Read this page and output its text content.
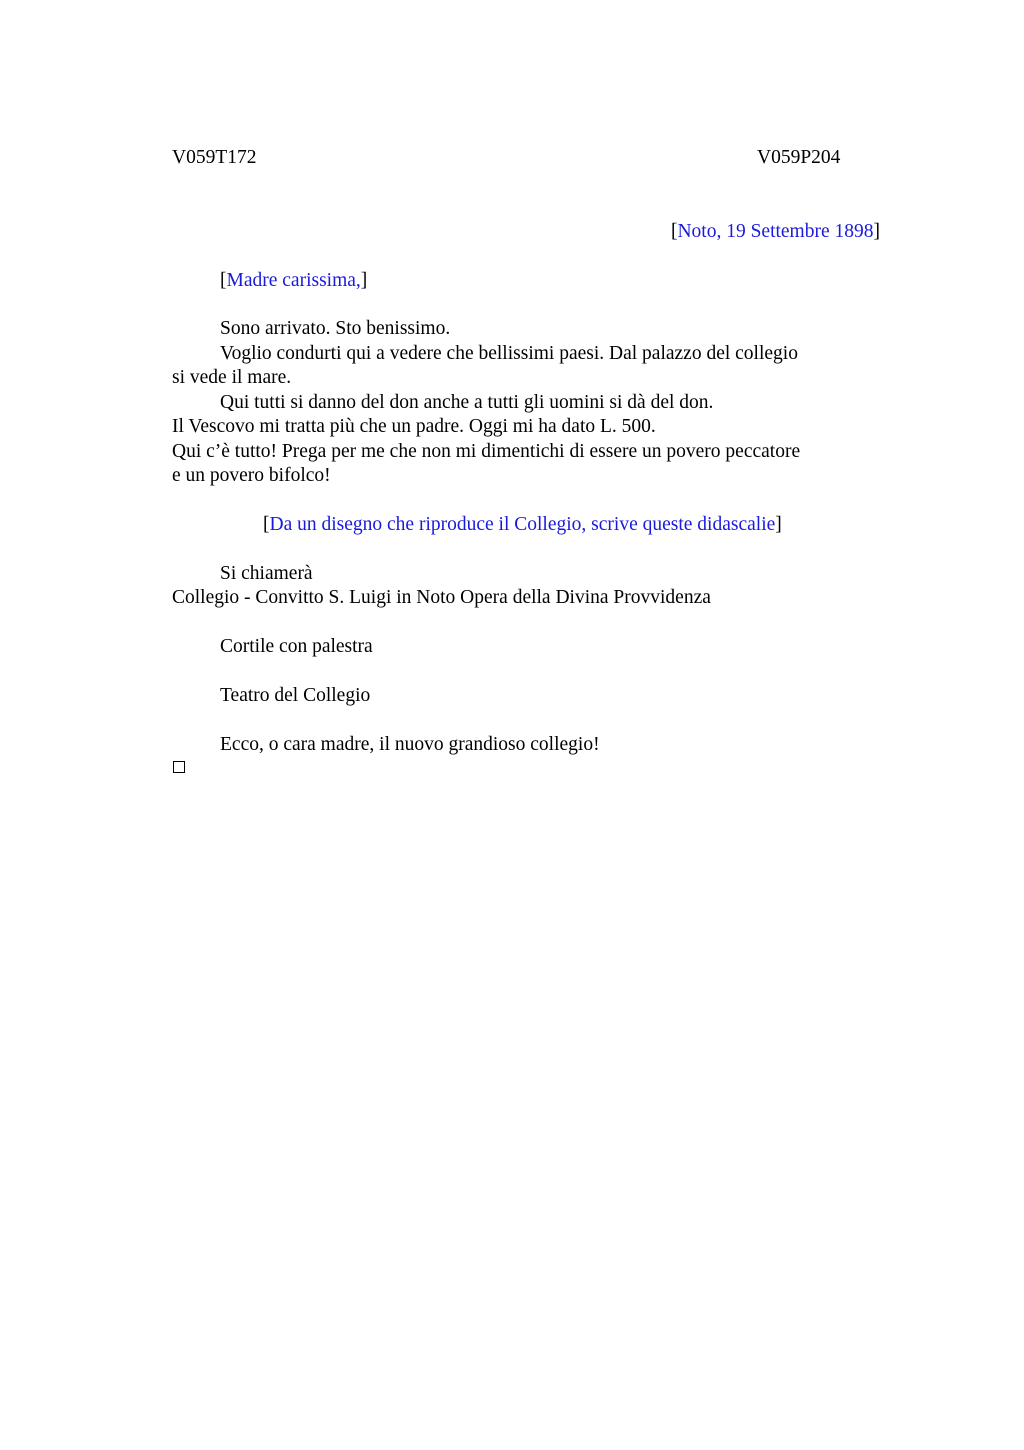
V059T172	V059P204
[Noto, 19 Settembre 1898]
[Madre carissima,]
Sono arrivato. Sto benissimo.
Voglio condurti qui a vedere che bellissimi paesi. Dal palazzo del collegio
si vede il mare.
Qui tutti si danno del don anche a tutti gli uomini si dà del don.
Il Vescovo mi tratta più che un padre. Oggi mi ha dato L. 500.
Qui c’è tutto! Prega per me che non mi dimentichi di essere un povero peccatore
e un povero bifolco!
[Da un disegno che riproduce il Collegio, scrive queste didascalie]
Si chiamerà
Collegio - Convitto S. Luigi in Noto Opera della Divina Provvidenza
Cortile con palestra
Teatro del Collegio
Ecco, o cara madre, il nuovo grandioso collegio!
